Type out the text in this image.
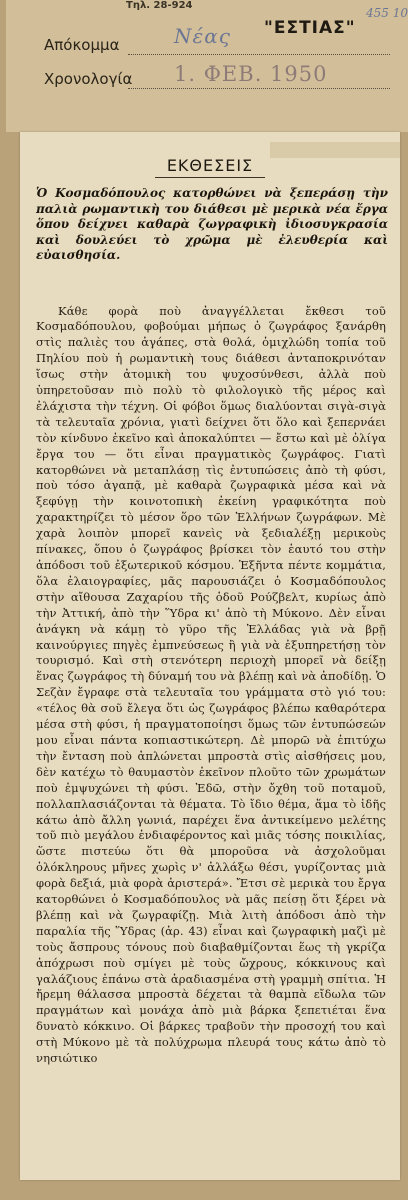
Τηλ. 28-924
455 10
Απόκομμα	Νέας "ΕΣΤΙΑΣ"
Χρονολογία 1. ΦΕΒ. 1950
ΕΚΘΕΣΕΙΣ
Ὁ Κοσμαδόπουλος κατορθώνει νὰ ξεπεράσῃ τὴν παλιὰ ρωμαντικὴ του διάθεσι μὲ μερικὰ νέα ἔργα ὅπου δείχνει καθαρὰ ζωγραφικὴ ἰδιοσυγκρασία καὶ δουλεύει τὸ χρῶμα μὲ ἐλευθερία καὶ εὐαισθησία.
Κάθε φορὰ ποὺ ἀναγγέλλεται ἔκθεσι τοῦ Κοσμαδόπουλου, φοβούμαι μήπως ὁ ζωγράφος ξανάρθη στὶς παλιὲς του ἀγάπες, στὰ θολά, ὁμιχλώδη τοπία τοῦ Πηλίου ποὺ ἡ ρωμαντικὴ τους διάθεσι ἀνταποκρινόταν ἴσως στὴν ἀτομικὴ του ψυχοσύνθεσι, ἀλλὰ ποὺ ὑπηρετοῦσαν πιὸ πολὺ τὸ φιλολογικὸ τῆς μέρος καὶ ἐλάχιστα τὴν τέχνη. Οἱ φόβοι ὅμως διαλύονται σιγὰ-σιγὰ τὰ τελευταῖα χρόνια, γιατὶ δείχνει ὅτι ὅλο καὶ ξεπερνάει τὸν κίνδυνο ἐκεῖνο καὶ ἀποκαλύπτει — ἔστω καὶ μὲ ὀλίγα ἔργα του — ὅτι εἶναι πραγματικὸς ζωγράφος. Γιατὶ κατορθώνει νὰ μεταπλάσῃ τὶς ἐντυπώσεις ἀπὸ τὴ φύσι, ποὺ τόσο ἀγαπᾷ, μὲ καθαρὰ ζωγραφικὰ μέσα καὶ νὰ ξεφύγῃ τὴν κοινοτοπικὴ ἐκείνη γραφικότητα ποὺ χαρακτηρίζει τὸ μέσον ὅρο τῶν Ἑλλήνων ζωγράφων. Μὲ χαρὰ λοιπὸν μπορεῖ κανεὶς νὰ ξεδιαλέξῃ μερικοὺς πίνακες, ὅπου ὁ ζωγράφος βρίσκει τὸν ἑαυτό του στὴν ἀπόδοσι τοῦ ἐξωτερικοῦ κόσμου. Ἑξῆντα πέντε κομμάτια, ὅλα ἐλαιογραφίες, μᾶς παρουσιάζει ὁ Κοσμαδόπουλος στὴν αἴθουσα Ζαχαρίου τῆς ὁδοῦ Ρούζβελτ, κυρίως ἀπὸ τὴν Ἀττική, ἀπὸ τὴν Ὕδρα κι' ἀπὸ τὴ Μύκονο. Δὲν εἶναι ἀνάγκη νὰ κάμῃ τὸ γῦρο τῆς Ἑλλάδας γιὰ νὰ βρῇ καινούργιες πηγὲς ἐμπνεύσεως ἢ γιὰ νὰ ἐξυπηρετήσῃ τὸν τουρισμό. Καὶ στὴ στενότερη περιοχὴ μπορεῖ νὰ δείξῃ ἕνας ζωγράφος τὴ δύναμή του νὰ βλέπῃ καὶ νὰ ἀποδίδῃ. Ὁ Σεζὰν ἔγραφε στὰ τελευταῖα του γράμματα στὸ γιό του: «τέλος θὰ σοῦ ἔλεγα ὅτι ὡς ζωγράφος βλέπω καθαρότερα μέσα στὴ φύσι, ἡ πραγματοποίησι ὅμως τῶν ἐντυπώσεών μου εἶναι πάντα κοπιαστικώτερη. Δὲ μπορῶ νὰ ἐπιτύχω τὴν ἔνταση ποὺ ἀπλώνεται μπροστὰ στὶς αἰσθήσεις μου, δὲν κατέχω τὸ θαυμαστὸν ἐκεῖνον πλοῦτο τῶν χρωμάτων ποὺ ἐμψυχώνει τὴ φύσι. Ἐδῶ, στὴν ὄχθη τοῦ ποταμοῦ, πολλαπλασιάζονται τὰ θέματα. Τὸ ἴδιο θέμα, ἅμα τὸ ἰδῆς κάτω ἀπὸ ἄλλη γωνιά, παρέχει ἕνα ἀντικείμενο μελέτης τοῦ πιὸ μεγάλου ἐνδιαφέροντος καὶ μιᾶς τόσης ποικιλίας, ὥστε πιστεύω ὅτι θὰ μποροῦσα νὰ ἀσχολοῦμαι ὁλόκληρους μῆνες χωρὶς ν' ἀλλάξω θέσι, γυρίζοντας μιὰ φορὰ δεξιά, μιὰ φορὰ ἀριστερά». Ἔτσι σὲ μερικὰ του ἔργα κατορθώνει ὁ Κοσμαδόπουλος νὰ μᾶς πείσῃ ὅτι ξέρει νὰ βλέπῃ καὶ νὰ ζωγραφίζῃ. Μιὰ λιτὴ ἀπόδοσι ἀπὸ τὴν παραλία τῆς Ὕδρας (ἀρ. 43) εἶναι καὶ ζωγραφικὴ μαζὶ μὲ τοὺς ἄσπρους τόνους ποὺ διαβαθμίζονται ἕως τὴ γκρίζα ἀπόχρωσι ποὺ σμίγει μὲ τοὺς ὤχρους, κόκκινους καὶ γαλάζιους ἐπάνω στὰ ἀραδιασμένα στὴ γραμμὴ σπίτια. Ἡ ἤρεμη θάλασσα μπροστὰ δέχεται τὰ θαμπὰ εἴδωλα τῶν πραγμάτων καὶ μονάχα ἀπὸ μιὰ βάρκα ξεπετιέται ἕνα δυνατὸ κόκκινο. Οἱ βάρκες τραβοῦν τὴν προσοχή του καὶ στὴ Μύκονο μὲ τὰ πολύχρωμα πλευρά τους κάτω ἀπὸ τὸ νησιώτικο
